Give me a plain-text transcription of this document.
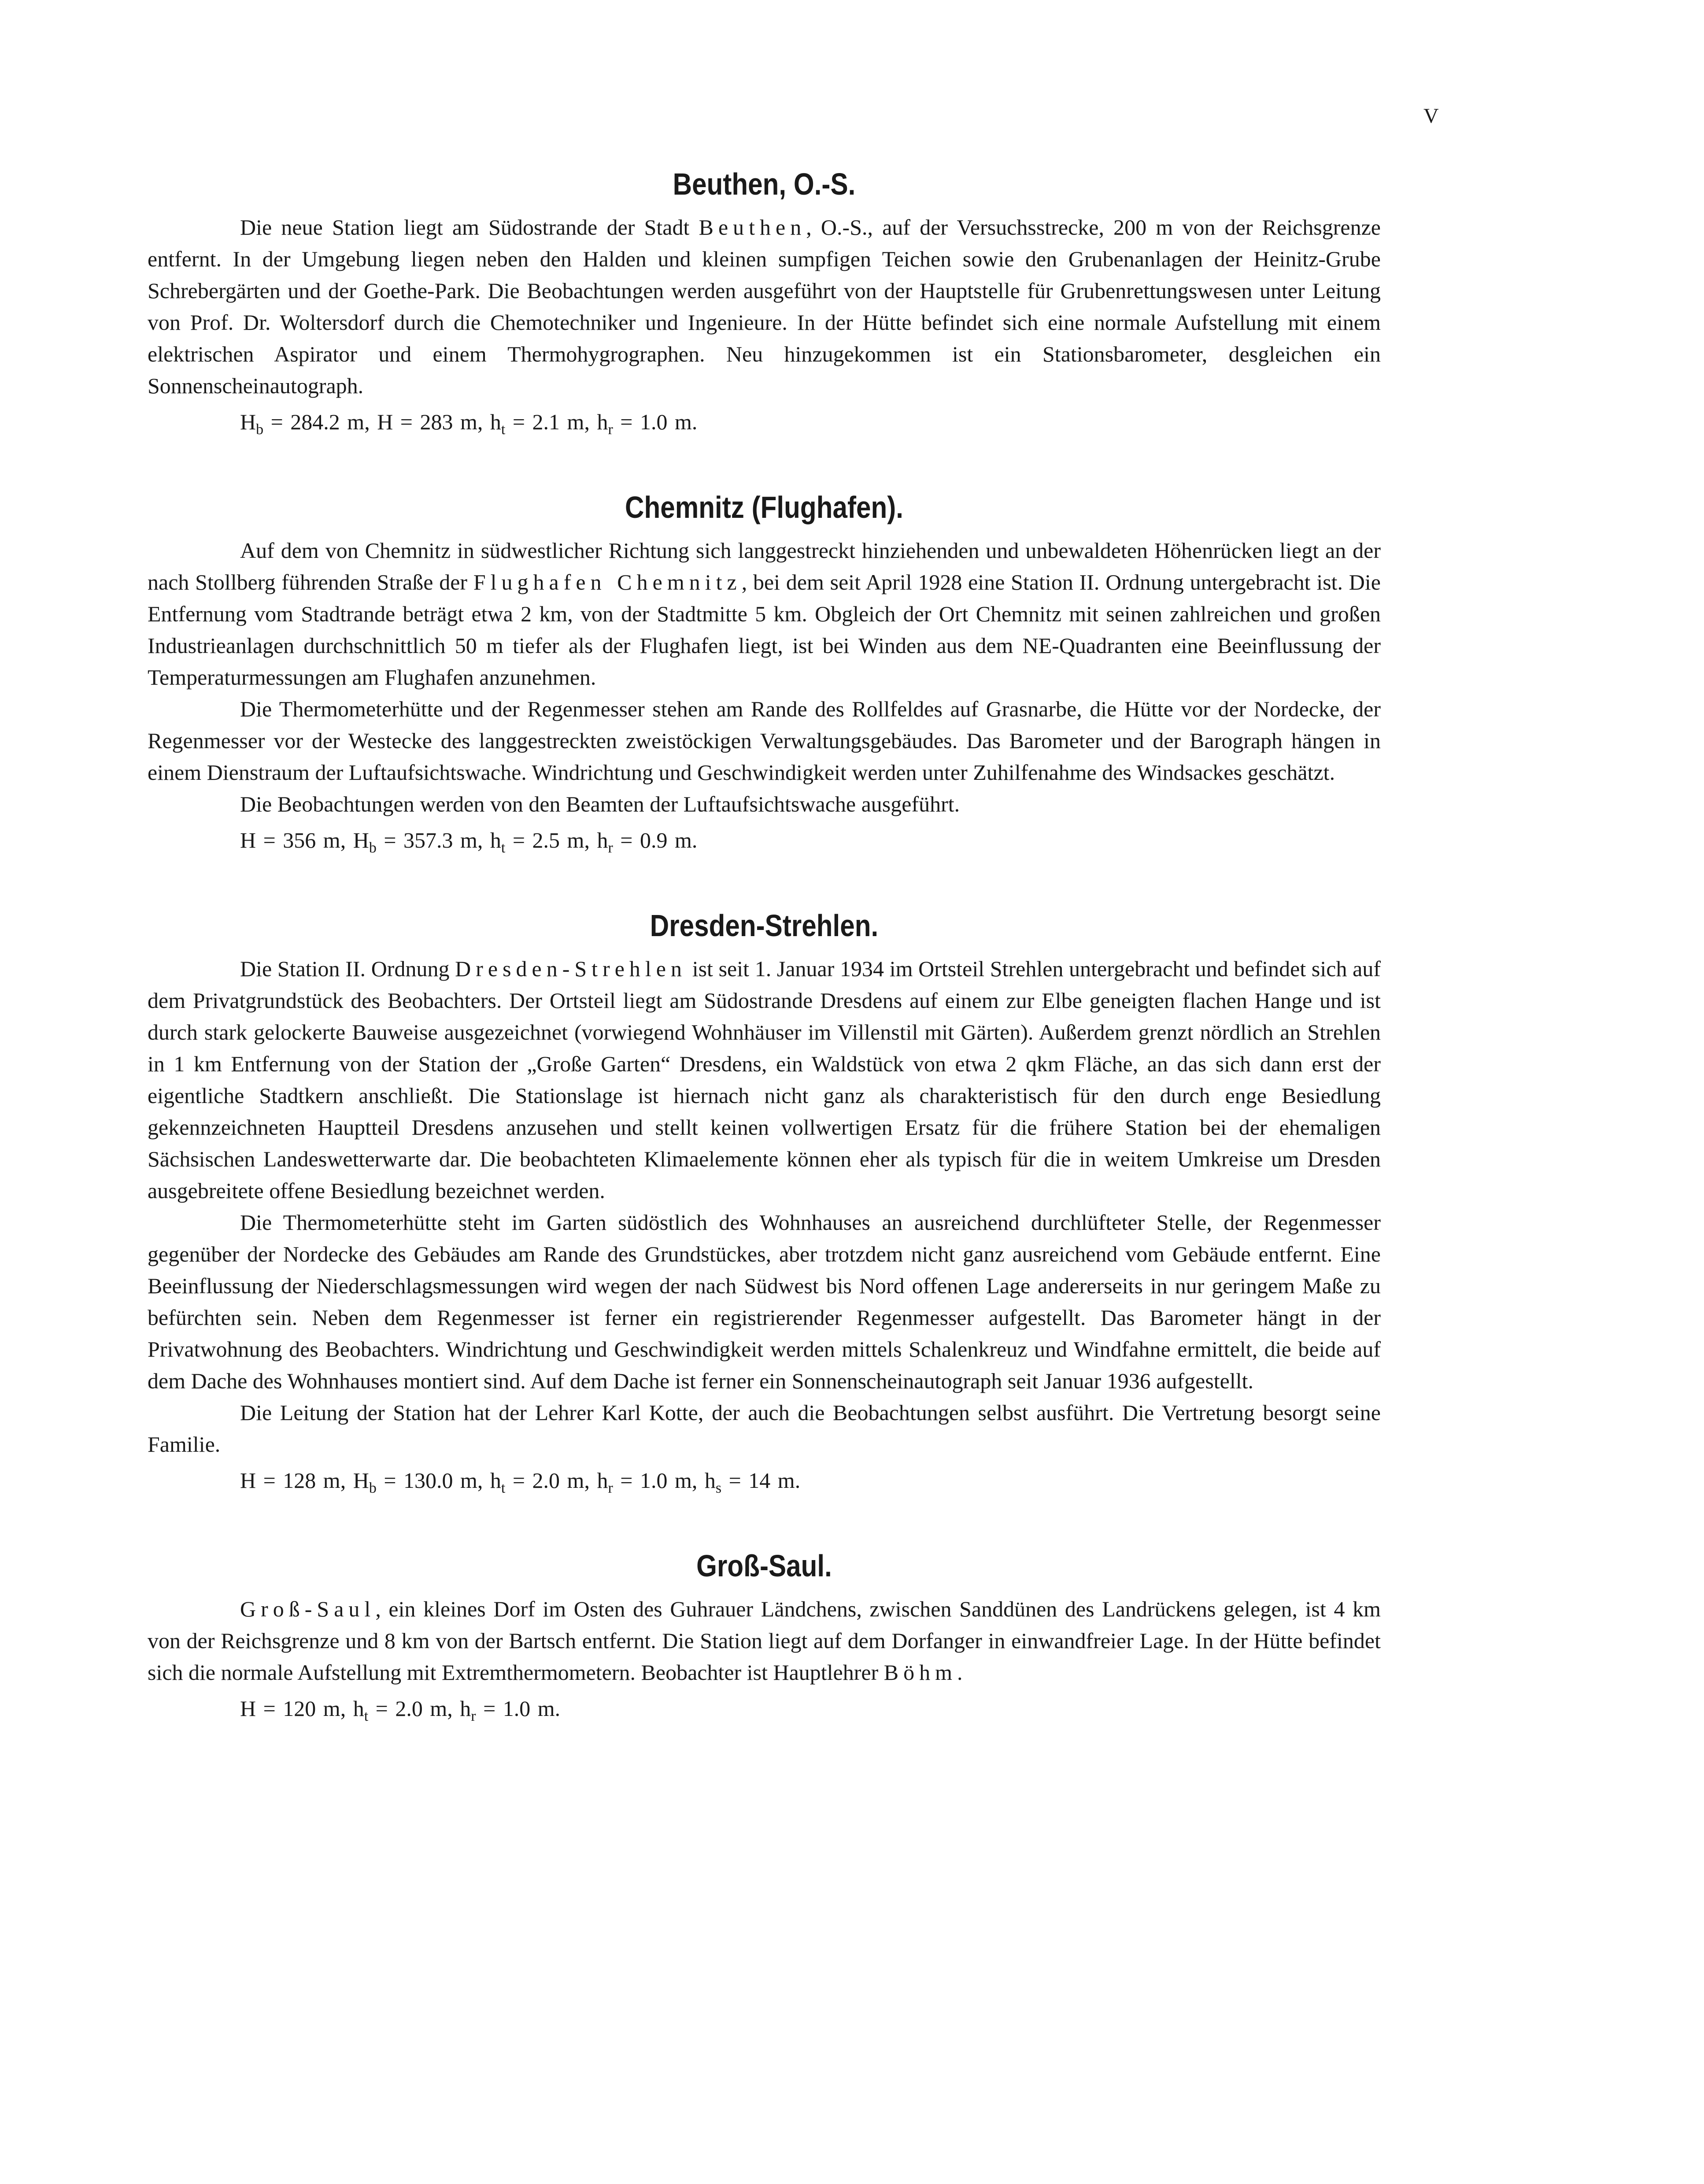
V
Beuthen, O.-S.

Die neue Station liegt am Südostrande der Stadt Beuthen, O.-S., auf der Versuchsstrecke, 200 m von der Reichsgrenze entfernt. In der Umgebung liegen neben den Halden und kleinen sumpfigen Teichen sowie den Grubenanlagen der Heinitz-Grube Schrebergärten und der Goethe-Park. Die Beobachtungen werden ausgeführt von der Hauptstelle für Grubenrettungswesen unter Leitung von Prof. Dr. Woltersdorf durch die Chemotechniker und Ingenieure. In der Hütte befindet sich eine normale Aufstellung mit einem elektrischen Aspirator und einem Thermohygrographen. Neu hinzugekommen ist ein Stationsbarometer, desgleichen ein Sonnenscheinautograph.

$H_b = 284.2$ m, H = 283 m, $h_t = 2.1$ m, $h_r = 1.0$ m.

Chemnitz (Flughafen).

Auf dem von Chemnitz in südwestlicher Richtung sich langgestreckt hinziehenden und unbewaldeten Höhenrücken liegt an der nach Stollberg führenden Straße der Flughafen Chemnitz, bei dem seit April 1928 eine Station II. Ordnung untergebracht ist. Die Entfernung vom Stadtrande beträgt etwa 2 km, von der Stadtmitte 5 km. Obgleich der Ort Chemnitz mit seinen zahlreichen und großen Industrieanlagen durchschnittlich 50 m tiefer als der Flughafen liegt, ist bei Winden aus dem NE-Quadranten eine Beeinflussung der Temperaturmessungen am Flughafen anzunehmen.

Die Thermometerhütte und der Regenmesser stehen am Rande des Rollfeldes auf Grasnarbe, die Hütte vor der Nordecke, der Regenmesser vor der Westecke des langgestreckten zweistöckigen Verwaltungsgebäudes. Das Barometer und der Barograph hängen in einem Dienstraum der Luftaufsichtswache. Windrichtung und Geschwindigkeit werden unter Zuhilfenahme des Windsackes geschätzt.

Die Beobachtungen werden von den Beamten der Luftaufsichtswache ausgeführt.

H = 356 m, $H_b = 357.3$ m, $h_t = 2.5$ m, $h_r = 0.9$ m.

Dresden-Strehlen.

Die Station II. Ordnung Dresden-Strehlen ist seit 1. Januar 1934 im Ortsteil Strehlen untergebracht und befindet sich auf dem Privatgrundstück des Beobachters. Der Ortsteil liegt am Südostrande Dresdens auf einem zur Elbe geneigten flachen Hange und ist durch stark gelockerte Bauweise ausgezeichnet (vorwiegend Wohnhäuser im Villenstil mit Gärten). Außerdem grenzt nördlich an Strehlen in 1 km Entfernung von der Station der „Große Garten“ Dresdens, ein Waldstück von etwa 2 qkm Fläche, an das sich dann erst der eigentliche Stadtkern anschließt. Die Stationslage ist hiernach nicht ganz als charakteristisch für den durch enge Besiedlung gekennzeichneten Hauptteil Dresdens anzusehen und stellt keinen vollwertigen Ersatz für die frühere Station bei der ehemaligen Sächsischen Landeswetterwarte dar. Die beobachteten Klimaelemente können eher als typisch für die in weitem Umkreise um Dresden ausgebreitete offene Besiedlung bezeichnet werden.

Die Thermometerhütte steht im Garten südöstlich des Wohnhauses an ausreichend durchlüfteter Stelle, der Regenmesser gegenüber der Nordecke des Gebäudes am Rande des Grundstückes, aber trotzdem nicht ganz ausreichend vom Gebäude entfernt. Eine Beeinflussung der Niederschlagsmessungen wird wegen der nach Südwest bis Nord offenen Lage andererseits in nur geringem Maße zu befürchten sein. Neben dem Regenmesser ist ferner ein registrierender Regenmesser aufgestellt. Das Barometer hängt in der Privatwohnung des Beobachters. Windrichtung und Geschwindigkeit werden mittels Schalenkreuz und Windfahne ermittelt, die beide auf dem Dache des Wohnhauses montiert sind. Auf dem Dache ist ferner ein Sonnenscheinautograph seit Januar 1936 aufgestellt.

Die Leitung der Station hat der Lehrer Karl Kotte, der auch die Beobachtungen selbst ausführt. Die Vertretung besorgt seine Familie.

H = 128 m, $H_b = 130.0$ m, $h_t = 2.0$ m, $h_r = 1.0$ m, $h_s = 14$ m.

Groß-Saul.

Groß-Saul, ein kleines Dorf im Osten des Guhrauer Ländchens, zwischen Sanddünen des Landrückens gelegen, ist 4 km von der Reichsgrenze und 8 km von der Bartsch entfernt. Die Station liegt auf dem Dorfanger in einwandfreier Lage. In der Hütte befindet sich die normale Aufstellung mit Extremthermometern. Beobachter ist Hauptlehrer Böhm.

H = 120 m, $h_t = 2.0$ m, $h_r = 1.0$ m.
